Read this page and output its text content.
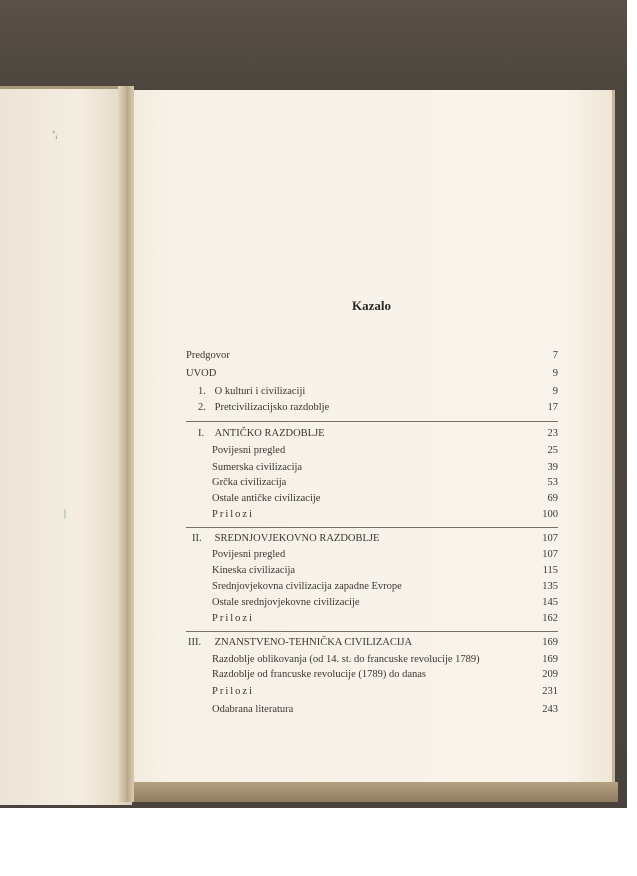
ʼᵢ
|
Kazalo
Predgovor	7
UVOD	9
1. O kulturi i civilizaciji	9
2. Pretcivilizacijsko razdoblje	17
I. ANTIČKO RAZDOBLJE	23
Povijesni pregled	25
Sumerska civilizacija	39
Grčka civilizacija	53
Ostale antičke civilizacije	69
Prilozi	100
II. SREDNJOVJEKOVNO RAZDOBLJE	107
Povijesni pregled	107
Kineska civilizacija	115
Srednjovjekovna civilizacija zapadne Evrope	135
Ostale srednjovjekovne civilizacije	145
Prilozi	162
III. ZNANSTVENO-TEHNIČKA CIVILIZACIJA	169
Razdoblje oblikovanja (od 14. st. do francuske revolucije 1789)	169
Razdoblje od francuske revolucije (1789) do danas	209
Prilozi	231
Odabrana literatura	243
